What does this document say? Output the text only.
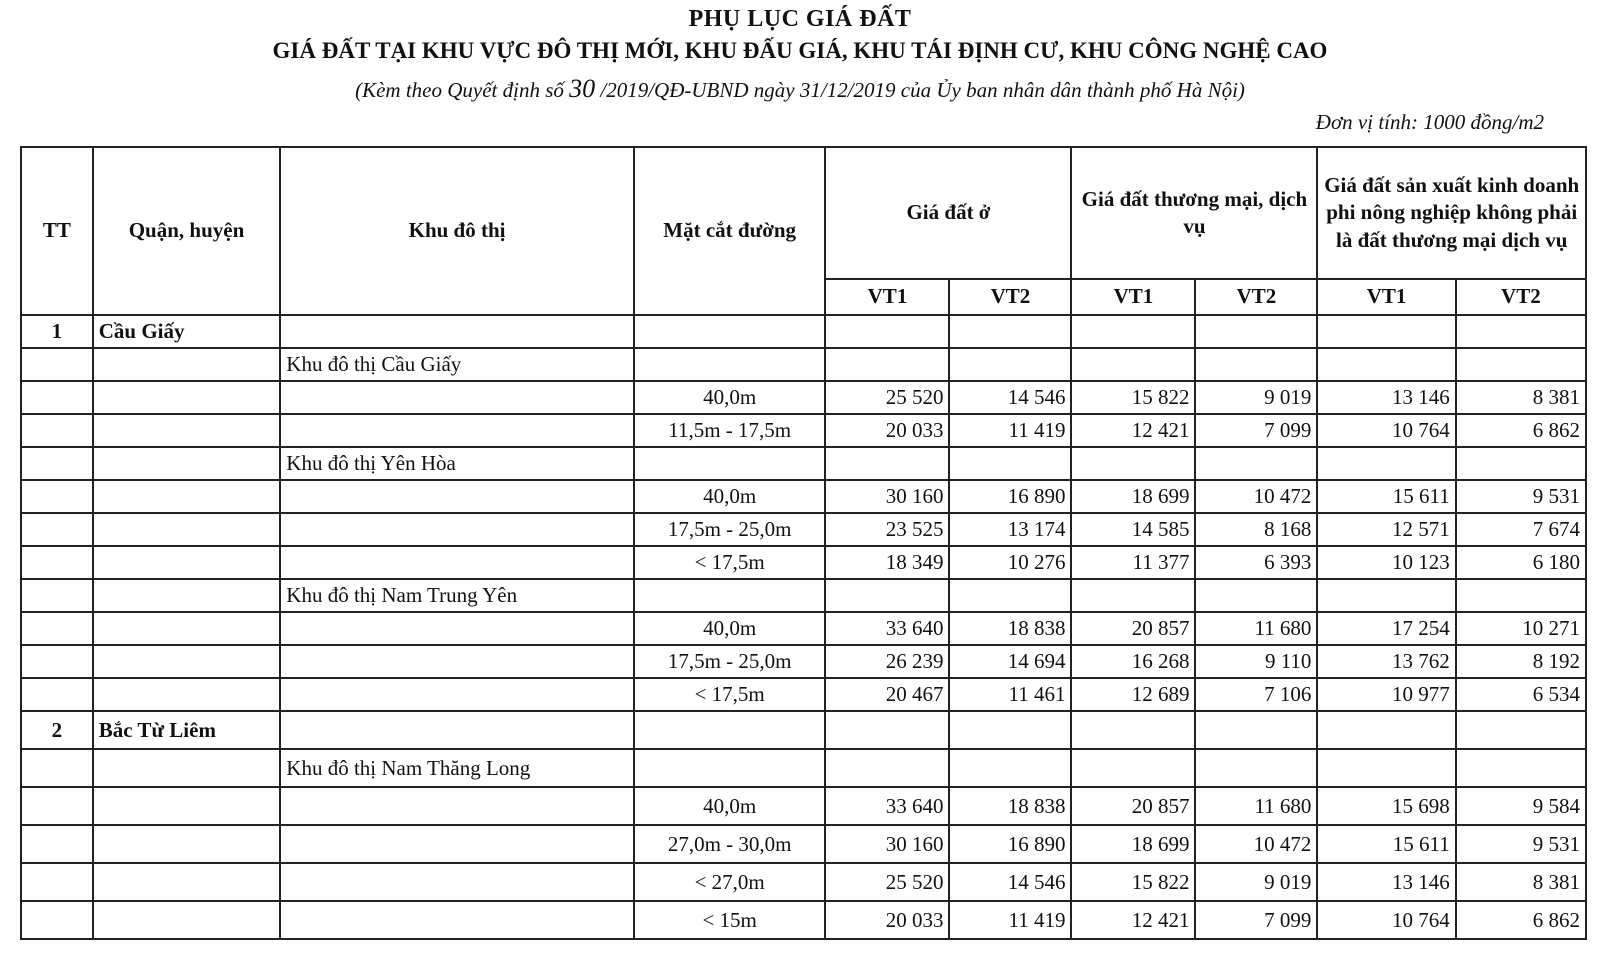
PHỤ LỤC GIÁ ĐẤT
GIÁ ĐẤT TẠI KHU VỰC ĐÔ THỊ MỚI, KHU ĐẤU GIÁ, KHU TÁI ĐỊNH CƯ, KHU CÔNG NGHỆ CAO
(Kèm theo Quyết định số 30 /2019/QĐ-UBND ngày 31/12/2019 của Ủy ban nhân dân thành phố Hà Nội)
Đơn vị tính: 1000 đồng/m2
TT	Quận, huyện	Khu đô thị	Mặt cắt đường	Giá đất ở		Giá đất thương mại, dịch vụ		Giá đất sản xuất kinh doanh phi nông nghiệp không phải là đất thương mại dịch vụ	
				VT1	VT2	VT1	VT2	VT1	VT2
1	Cầu Giấy								
		Khu đô thị Cầu Giấy							
			40,0m	25 520	14 546	15 822	9 019	13 146	8 381
			11,5m - 17,5m	20 033	11 419	12 421	7 099	10 764	6 862
		Khu đô thị Yên Hòa							
			40,0m	30 160	16 890	18 699	10 472	15 611	9 531
			17,5m - 25,0m	23 525	13 174	14 585	8 168	12 571	7 674
			< 17,5m	18 349	10 276	11 377	6 393	10 123	6 180
		Khu đô thị Nam Trung Yên							
			40,0m	33 640	18 838	20 857	11 680	17 254	10 271
			17,5m - 25,0m	26 239	14 694	16 268	9 110	13 762	8 192
			< 17,5m	20 467	11 461	12 689	7 106	10 977	6 534
2	Bắc Từ Liêm								
		Khu đô thị Nam Thăng Long							
			40,0m	33 640	18 838	20 857	11 680	15 698	9 584
			27,0m - 30,0m	30 160	16 890	18 699	10 472	15 611	9 531
			< 27,0m	25 520	14 546	15 822	9 019	13 146	8 381
			< 15m	20 033	11 419	12 421	7 099	10 764	6 862
